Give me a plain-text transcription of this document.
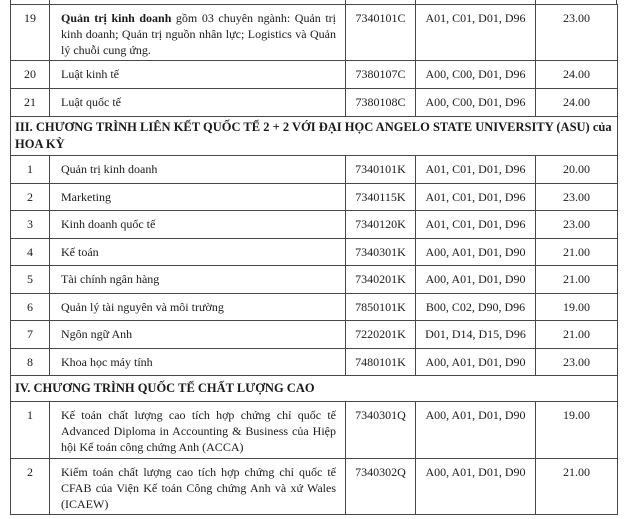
19	Quản trị kinh doanh gồm 03 chuyên ngành: Quản trị kinh doanh; Quản trị nguồn nhân lực; Logistics và Quản lý chuỗi cung ứng.	7340101C	A01, C01, D01, D96	23.00
20	Luật kinh tế	7380107C	A00, C00, D01, D96	24.00
21	Luật quốc tế	7380108C	A00, C00, D01, D96	24.00
III. CHƯƠNG TRÌNH LIÊN KẾT QUỐC TẾ 2 + 2 VỚI ĐẠI HỌC ANGELO STATE UNIVERSITY (ASU) của HOA KỲ				
1	Quản trị kinh doanh	7340101K	A01, C01, D01, D96	20.00
2	Marketing	7340115K	A01, C01, D01, D96	23.00
3	Kinh doanh quốc tế	7340120K	A01, C01, D01, D96	23.00
4	Kế toán	7340301K	A00, A01, D01, D90	21.00
5	Tài chính ngân hàng	7340201K	A00, A01, D01, D90	21.00
6	Quản lý tài nguyên và môi trường	7850101K	B00, C02, D90, D96	19.00
7	Ngôn ngữ Anh	7220201K	D01, D14, D15, D96	21.00
8	Khoa học máy tính	7480101K	A00, A01, D01, D90	23.00
IV. CHƯƠNG TRÌNH QUỐC TẾ CHẤT LƯỢNG CAO				
1	Kế toán chất lượng cao tích hợp chứng chỉ quốc tế Advanced Diploma in Accounting & Business của Hiệp hội Kế toán công chứng Anh (ACCA)	7340301Q	A00, A01, D01, D90	19.00
2	Kiểm toán chất lượng cao tích hợp chứng chỉ quốc tế CFAB của Viện Kế toán Công chứng Anh và xứ Wales (ICAEW)	7340302Q	A00, A01, D01, D90	21.00
